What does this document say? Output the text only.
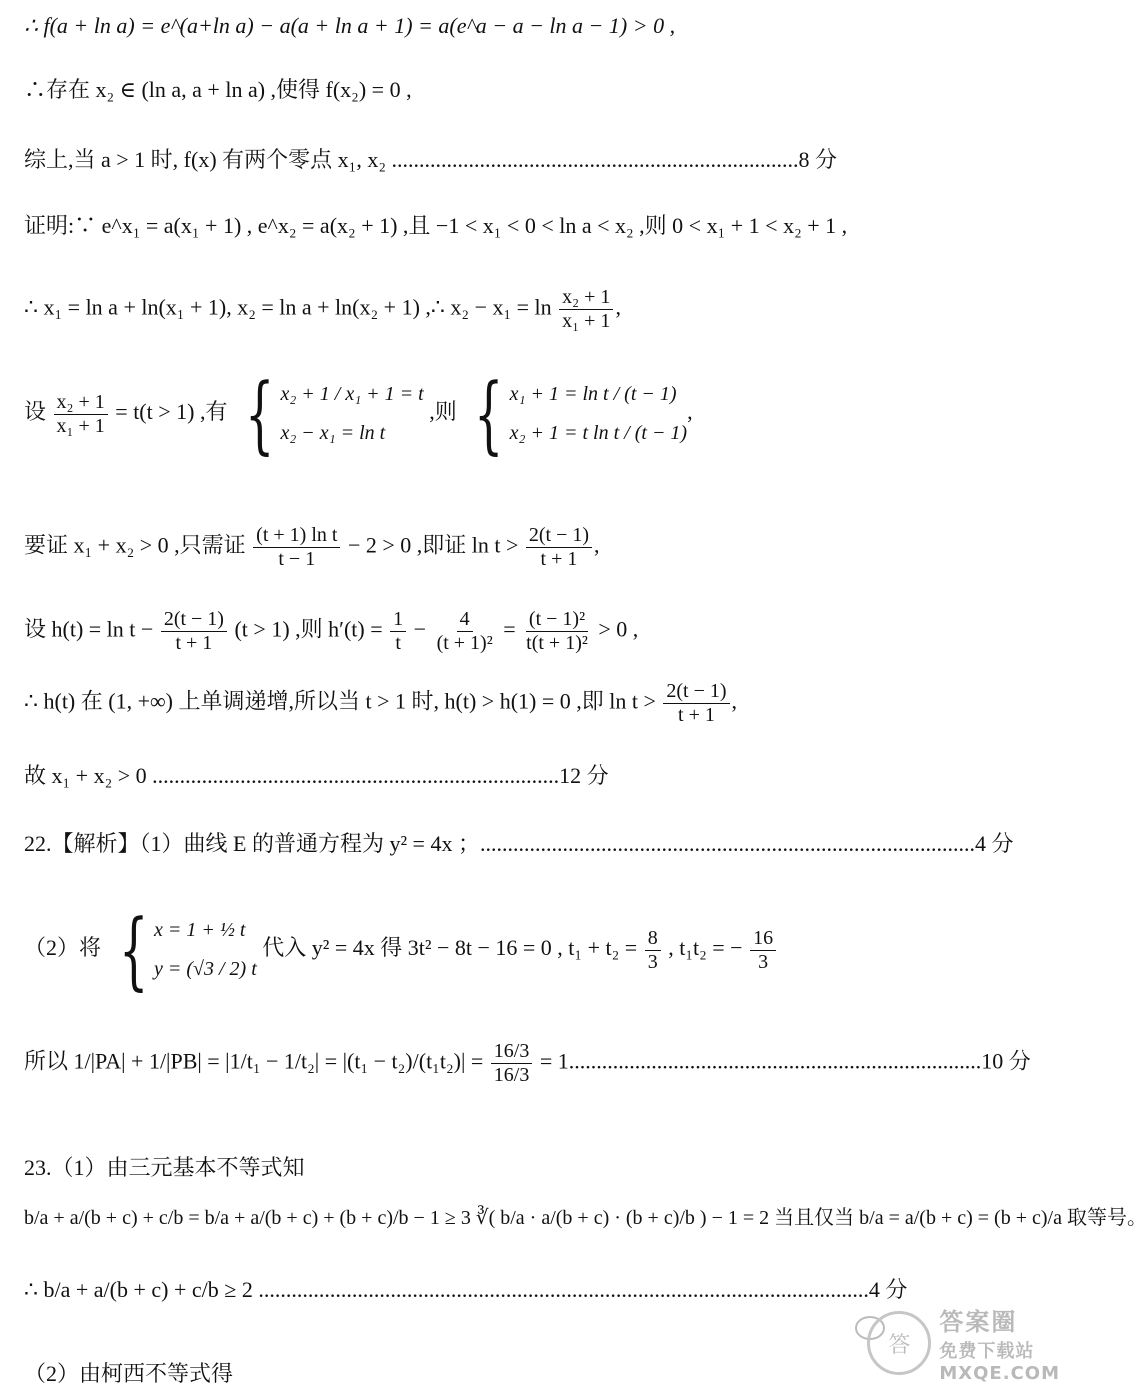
∴ f(a + ln a) = e^(a+ln a) − a(a + ln a + 1) = a(e^a − a − ln a − 1) > 0 ,
∴存在 x₂ ∈ (ln a, a + ln a) ,使得 f(x₂) = 0 ,
综上,当 a > 1 时, f(x) 有两个零点 x₁, x₂ ..........................................................................8 分
证明:∵ e^x₁ = a(x₁ + 1) , e^x₂ = a(x₂ + 1) ,且 −1 < x₁ < 0 < ln a < x₂ ,则 0 < x₁ + 1 < x₂ + 1 ,
∴ x₁ = ln a + ln(x₁ + 1), x₂ = ln a + ln(x₂ + 1) ,∴ $x_2 - x_1 = \ln \frac{\text{x₂ + 1}}{\text{x₁ + 1}}$ ,
设 $\frac{\text{x₂ + 1}}{\text{x₁ + 1}} = t(t > 1)$ ,有 { x₂ + 1 / x₁ + 1 = t
x₂ − x₁ = ln t
,则 { x₁ + 1 = ln t / (t − 1)
x₂ + 1 = t ln t / (t − 1)
,
要证 x₁ + x₂ > 0 ,只需证 $\frac{\text{(t + 1) ln t}}{t - 1} - 2 > 0$ ,即证 $\ln t > \frac{2(t - 1)}{t + 1}$ ,
设 $h(t) = \ln t - \frac{2(t - 1)}{t + 1} (t > 1)$ ,则 $h'(t) = \frac{1}{t} - \frac{4}{\text{(t + 1)²}} = \frac{\text{(t − 1)²}}{\text{t(t + 1)²}} > 0$ ,
∴ h(t) 在 (1, +∞) 上单调递增,所以当 t > 1 时, h(t) > h(1) = 0 ,即 $\ln t > \frac{2(t - 1)}{t + 1}$ ,
故 x₁ + x₂ > 0 ..........................................................................12 分
22.【解析】（1）曲线 E 的普通方程为 y² = 4x ；..........................................................................................4 分
（2）将 { x = 1 + ½ t
y = (√3 / 2) t
代入 y² = 4x 得 3t² − 8t − 16 = 0 , $t_1 + t_2 = \frac{8}{3}$ , t₁t₂ = − $\frac{16}{3}$
所以 $1/|PA| + 1/|PB| = |1/t_1 - 1/t_2| = |(t_1 - t_2)/(t_1t_2)| = \frac{16/3}{16/3} = 1...........................................................................10$ 分
23.（1）由三元基本不等式知
b/a + a/(b + c) + c/b = b/a + a/(b + c) + (b + c)/b − 1 ≥ 3 ∛( b/a · a/(b + c) · (b + c)/b ) − 1 = 2 当且仅当 b/a = a/(b + c) = (b + c)/a 取等号。
∴ b/a + a/(b + c) + c/b ≥ 2 ...............................................................................................................4 分
（2）由柯西不等式得
答
答案圈
免费下载站
MXQE.COM
